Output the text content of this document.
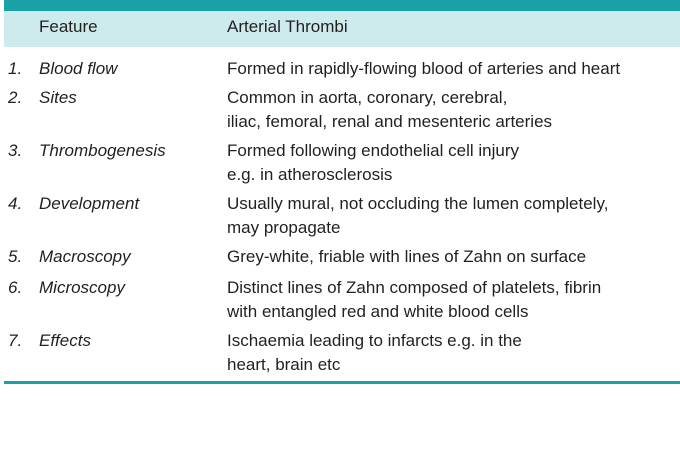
Feature	Arterial Thrombi
1. Blood flow	Formed in rapidly-flowing blood of arteries and heart
2. Sites	Common in aorta, coronary, cerebral,
iliac, femoral, renal and mesenteric arteries
3. Thrombogenesis	Formed following endothelial cell injury
e.g. in atherosclerosis
4. Development	Usually mural, not occluding the lumen completely,
may propagate
5. Macroscopy	Grey-white, friable with lines of Zahn on surface
6. Microscopy	Distinct lines of Zahn composed of platelets, fibrin
with entangled red and white blood cells
7. Effects	Ischaemia leading to infarcts e.g. in the
heart, brain etc
